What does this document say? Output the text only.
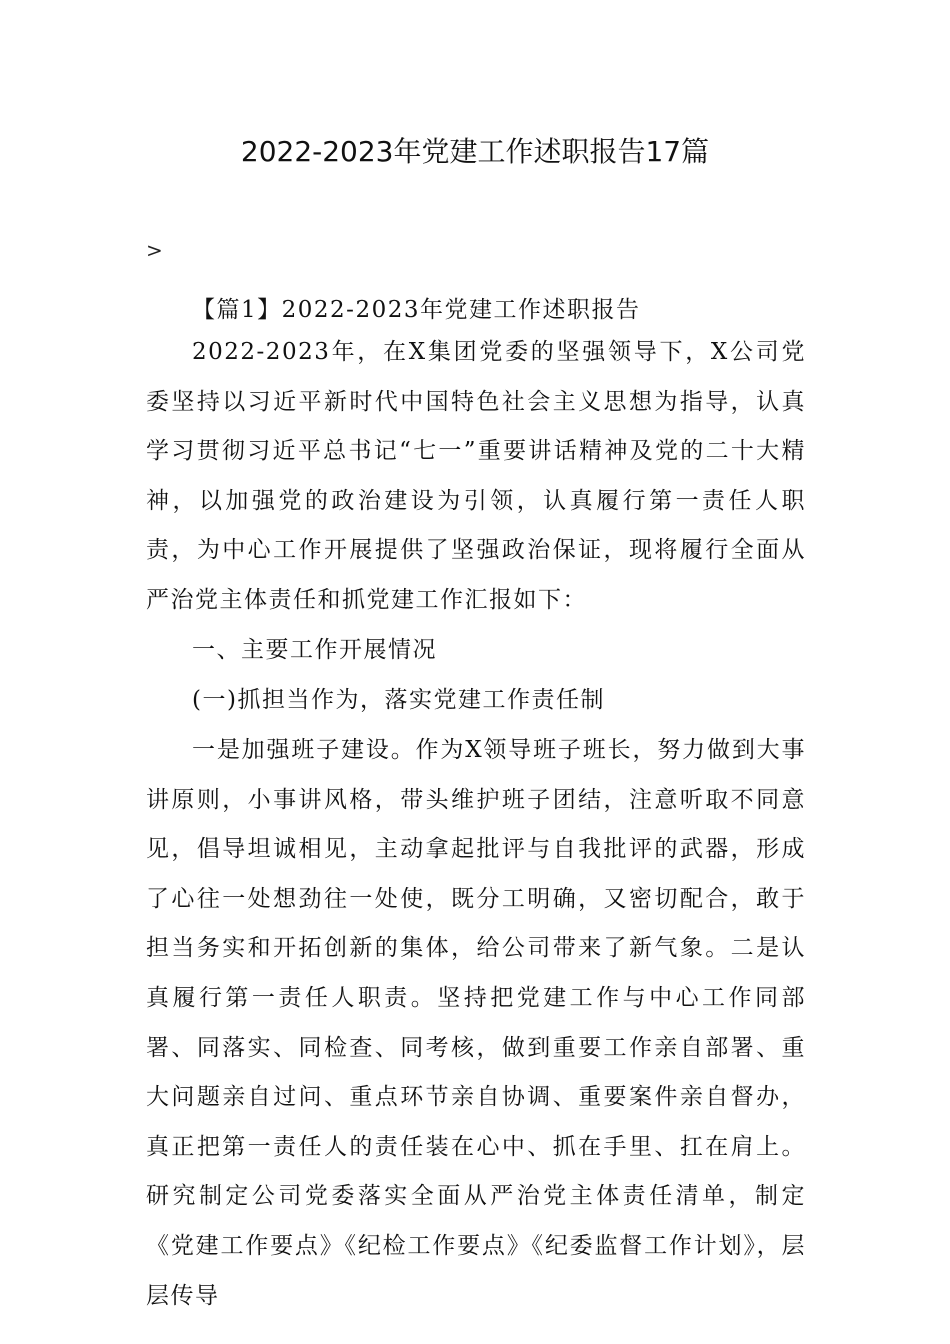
2022-2023年党建工作述职报告17篇
>
【篇1】2022-2023年党建工作述职报告
2022-2023年，在X集团党委的坚强领导下，X公司党委坚持以习近平新时代中国特色社会主义思想为指导，认真学习贯彻习近平总书记“七一”重要讲话精神及党的二十大精神，以加强党的政治建设为引领，认真履行第一责任人职责，为中心工作开展提供了坚强政治保证，现将履行全面从严治党主体责任和抓党建工作汇报如下：
一、主要工作开展情况
(一)抓担当作为，落实党建工作责任制
一是加强班子建设。作为X领导班子班长，努力做到大事讲原则，小事讲风格，带头维护班子团结，注意听取不同意见，倡导坦诚相见，主动拿起批评与自我批评的武器，形成了心往一处想劲往一处使，既分工明确，又密切配合，敢于担当务实和开拓创新的集体，给公司带来了新气象。二是认真履行第一责任人职责。坚持把党建工作与中心工作同部署、同落实、同检查、同考核，做到重要工作亲自部署、重大问题亲自过问、重点环节亲自协调、重要案件亲自督办，真正把第一责任人的责任装在心中、抓在手里、扛在肩上。研究制定公司党委落实全面从严治党主体责任清单，制定《党建工作要点》《纪检工作要点》《纪委监督工作计划》，层层传导
